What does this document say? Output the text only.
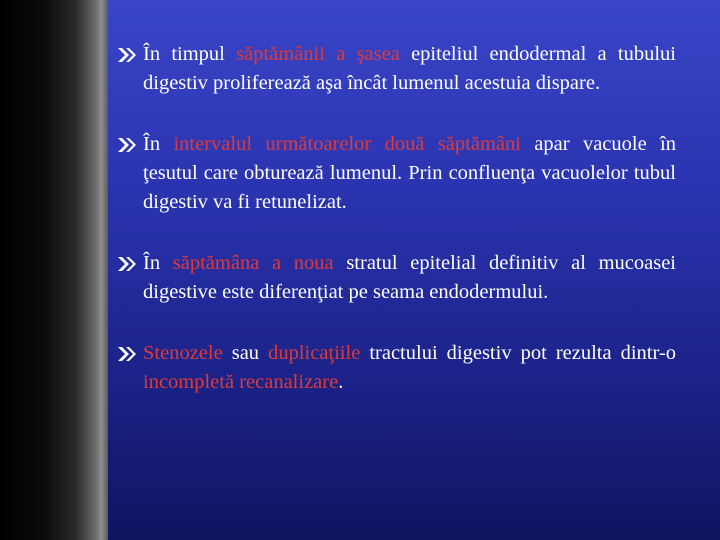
În timpul săptămânii a şasea epiteliul endodermal a tubului digestiv proliferează aşa încât lumenul acestuia dispare.
În intervalul următoarelor două săptămâni apar vacuole în ţesutul care obturează lumenul. Prin confluenţa vacuolelor tubul digestiv va fi retunelizat.
În săptămâna a noua stratul epitelial definitiv al mucoasei digestive este diferenţiat pe seama endodermului.
Stenozele sau duplicaţiile tractului digestiv pot rezulta dintr-o incompletă recanalizare.
